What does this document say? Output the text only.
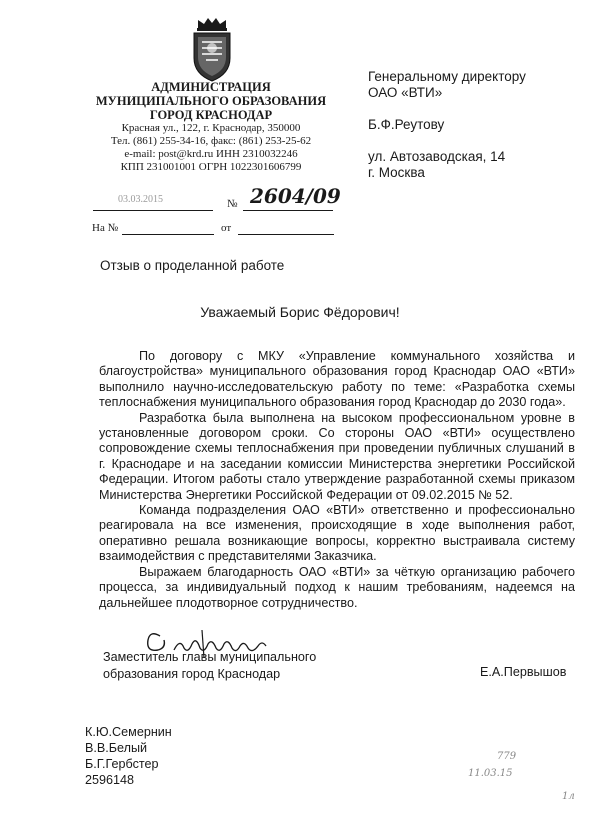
АДМИНИСТРАЦИЯ
МУНИЦИПАЛЬНОГО ОБРАЗОВАНИЯ
ГОРОД КРАСНОДАР
Красная ул., 122, г. Краснодар, 350000
Тел. (861) 255-34-16, факс: (861) 253-25-62
e-mail: post@krd.ru ИНН 2310032246
КПП 231001001 ОГРН 1022301606799
03.03.2015	№ 2604/09
На №	от
Генеральному директору
ОАО «ВТИ»
Б.Ф.Реутову
ул. Автозаводская, 14
г. Москва
Отзыв о проделанной работе
Уважаемый Борис Фёдорович!

По договору с МКУ «Управление коммунального хозяйства и благоустройства» муниципального образования город Краснодар ОАО «ВТИ» выполнило научно-исследовательскую работу по теме: «Разработка схемы теплоснабжения муниципального образования город Краснодар до 2030 года».

Разработка была выполнена на высоком профессиональном уровне в установленные договором сроки. Со стороны ОАО «ВТИ» осуществлено сопровождение схемы теплоснабжения при проведении публичных слушаний в г. Краснодаре и на заседании комиссии Министерства энергетики Российской Федерации. Итогом работы стало утверждение разработанной схемы приказом Министерства Энергетики Российской Федерации от 09.02.2015 № 52.

Команда подразделения ОАО «ВТИ» ответственно и профессионально реагировала на все изменения, происходящие в ходе выполнения работ, оперативно решала возникающие вопросы, корректно выстраивала систему взаимодействия с представителями Заказчика.

Выражаем благодарность ОАО «ВТИ» за чёткую организацию рабочего процесса, за индивидуальный подход к нашим требованиям, надеемся на дальнейшее плодотворное сотрудничество.

Заместитель главы муниципального
образования город Краснодар	Е.А.Первышов
К.Ю.Семернин
В.В.Белый
Б.Г.Гербстер
2596148
779
11.03.15
1л
